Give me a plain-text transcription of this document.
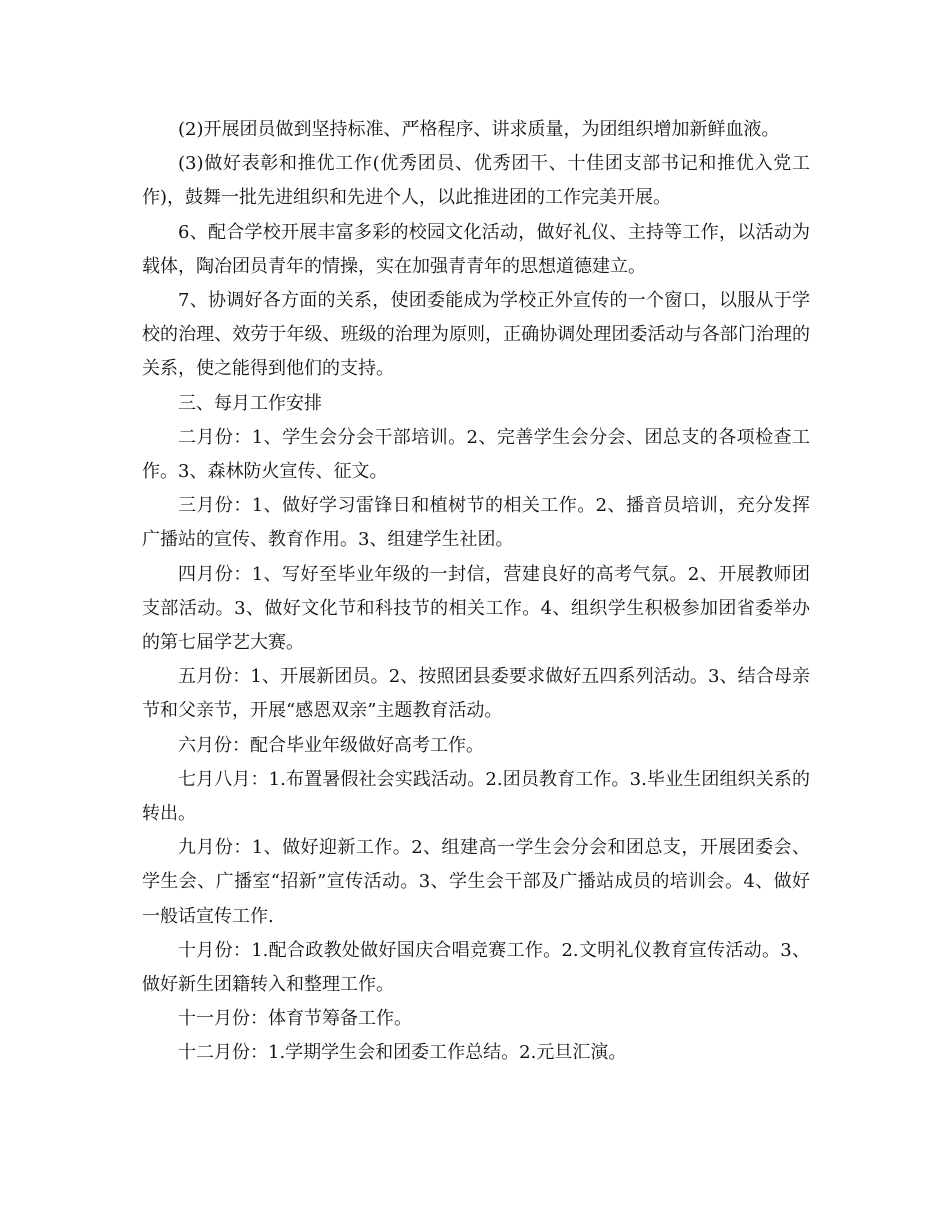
(2)开展团员做到坚持标准、严格程序、讲求质量，为团组织增加新鲜血液。

(3)做好表彰和推优工作(优秀团员、优秀团干、十佳团支部书记和推优入党工作)，鼓舞一批先进组织和先进个人，以此推进团的工作完美开展。

6、配合学校开展丰富多彩的校园文化活动，做好礼仪、主持等工作，以活动为载体，陶冶团员青年的情操，实在加强青青年的思想道德建立。

7、协调好各方面的关系，使团委能成为学校正外宣传的一个窗口，以服从于学校的治理、效劳于年级、班级的治理为原则，正确协调处理团委活动与各部门治理的关系，使之能得到他们的支持。

三、每月工作安排

二月份：1、学生会分会干部培训。2、完善学生会分会、团总支的各项检查工作。3、森林防火宣传、征文。

三月份：1、做好学习雷锋日和植树节的相关工作。2、播音员培训，充分发挥广播站的宣传、教育作用。3、组建学生社团。

四月份：1、写好至毕业年级的一封信，营建良好的高考气氛。2、开展教师团支部活动。3、做好文化节和科技节的相关工作。4、组织学生积极参加团省委举办的第七届学艺大赛。

五月份：1、开展新团员。2、按照团县委要求做好五四系列活动。3、结合母亲节和父亲节，开展“感恩双亲”主题教育活动。

六月份：配合毕业年级做好高考工作。

七月八月：1.布置暑假社会实践活动。2.团员教育工作。3.毕业生团组织关系的转出。

九月份：1、做好迎新工作。2、组建高一学生会分会和团总支，开展团委会、学生会、广播室“招新”宣传活动。3、学生会干部及广播站成员的培训会。4、做好一般话宣传工作.

十月份：1.配合政教处做好国庆合唱竞赛工作。2.文明礼仪教育宣传活动。3、做好新生团籍转入和整理工作。

十一月份：体育节筹备工作。

十二月份：1.学期学生会和团委工作总结。2.元旦汇演。
